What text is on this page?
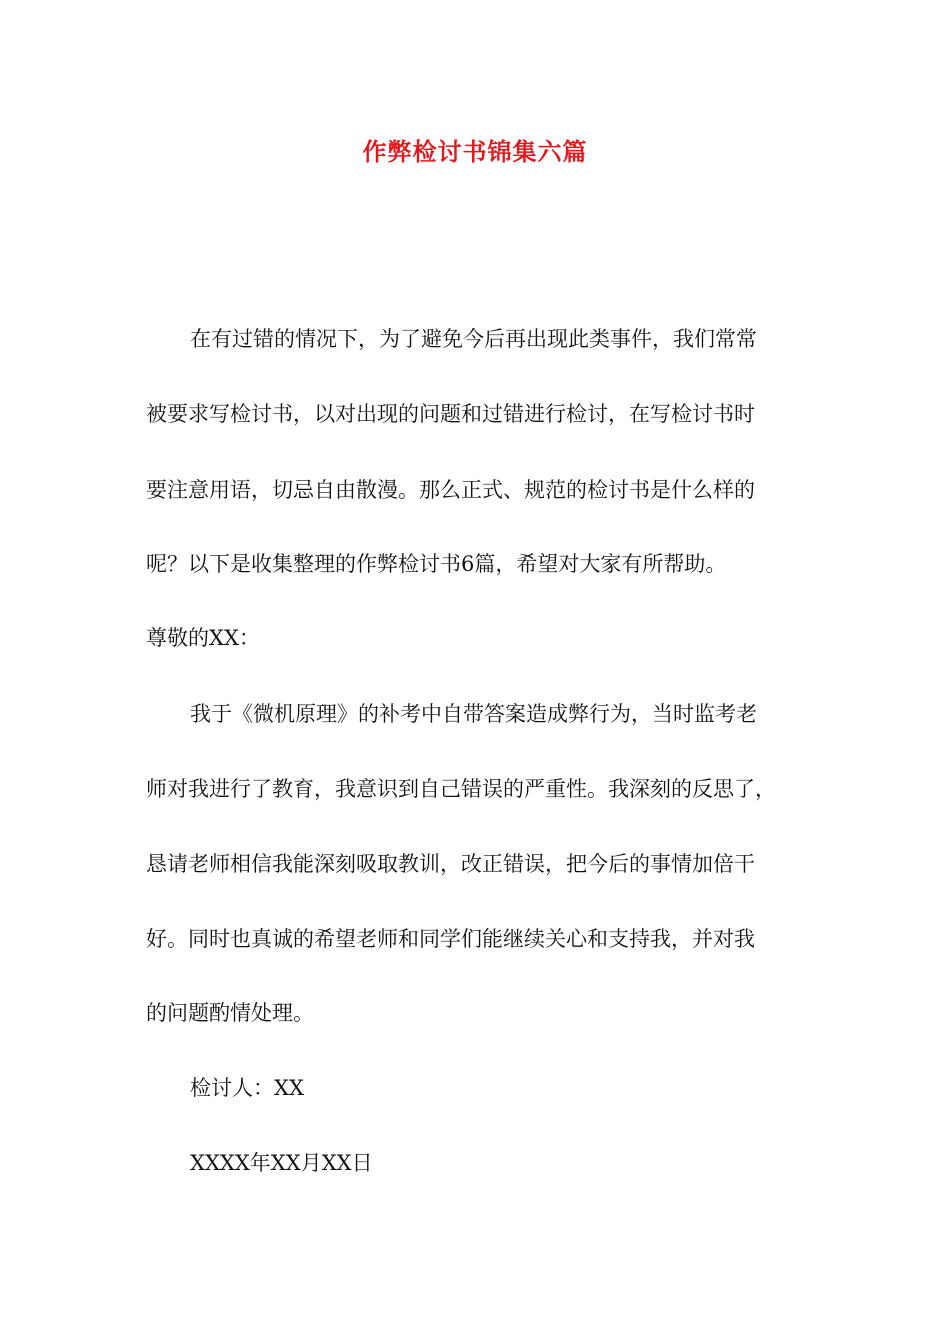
作弊检讨书锦集六篇
在有过错的情况下，为了避免今后再出现此类事件，我们常常
被要求写检讨书，以对出现的问题和过错进行检讨，在写检讨书时
要注意用语，切忌自由散漫。那么正式、规范的检讨书是什么样的
呢？以下是收集整理的作弊检讨书6篇，希望对大家有所帮助。
尊敬的XX：
我于《微机原理》的补考中自带答案造成弊行为，当时监考老
师对我进行了教育，我意识到自己错误的严重性。我深刻的反思了，
恳请老师相信我能深刻吸取教训，改正错误，把今后的事情加倍干
好。同时也真诚的希望老师和同学们能继续关心和支持我，并对我
的问题酌情处理。
检讨人：XX
XXXX年XX月XX日
